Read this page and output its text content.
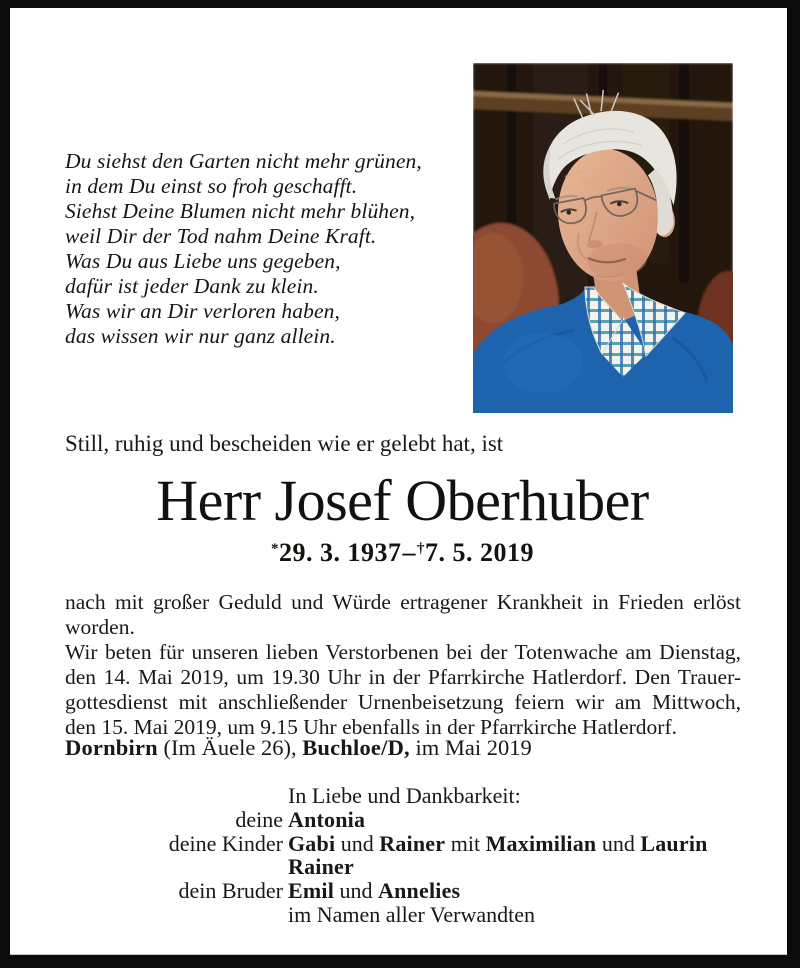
Du siehst den Garten nicht mehr grünen,
in dem Du einst so froh geschafft.
Siehst Deine Blumen nicht mehr blühen,
weil Dir der Tod nahm Deine Kraft.
Was Du aus Liebe uns gegeben,
dafür ist jeder Dank zu klein.
Was wir an Dir verloren haben,
das wissen wir nur ganz allein.
Still, ruhig und bescheiden wie er gelebt hat, ist
Herr Josef Oberhuber
*29. 3. 1937–†7. 5. 2019
nach mit großer Geduld und Würde ertragener Krankheit in Frieden erlöst
worden.
Wir beten für unseren lieben Verstorbenen bei der Totenwache am Dienstag,
den 14. Mai 2019, um 19.30 Uhr in der Pfarrkirche Hatlerdorf. Den Trauer-
gottesdienst mit anschließender Urnenbeisetzung feiern wir am Mittwoch,
den 15. Mai 2019, um 9.15 Uhr ebenfalls in der Pfarrkirche Hatlerdorf.
Dornbirn (Im Äuele 26), Buchloe/D, im Mai 2019
In Liebe und Dankbarkeit:
deine Antonia
deine Kinder Gabi und Rainer mit Maximilian und Laurin
Rainer
dein Bruder Emil und Annelies
im Namen aller Verwandten
